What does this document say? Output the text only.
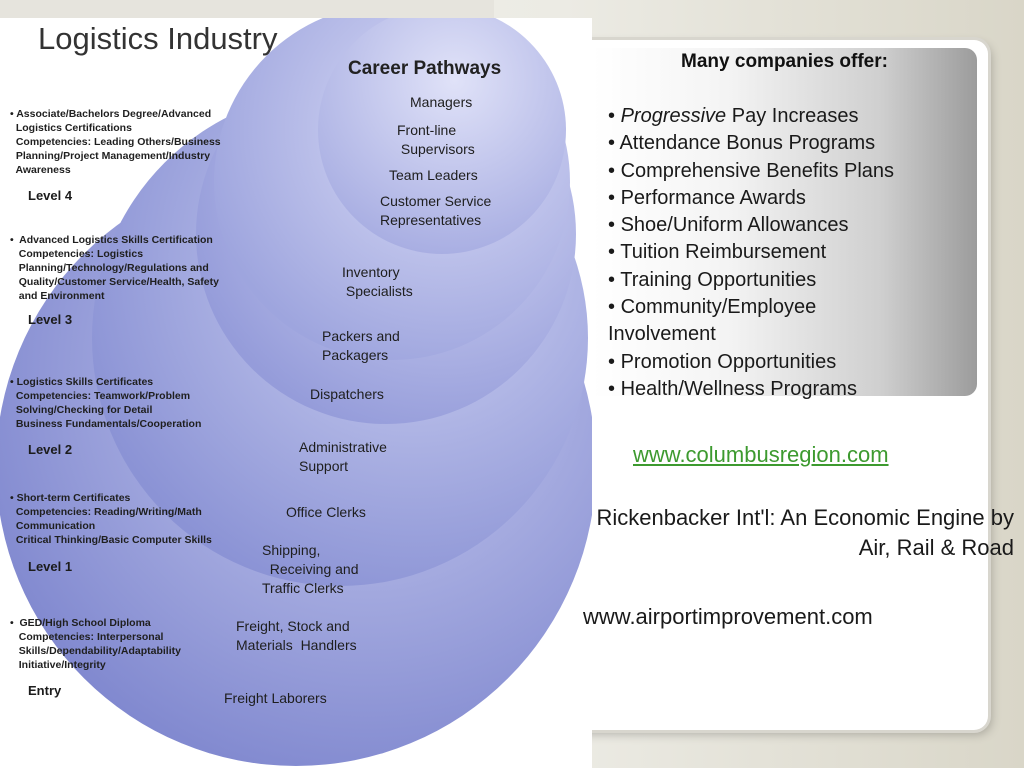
Logistics Industry
Career Pathways
Managers
Front-line
Supervisors
Team Leaders
Customer Service
Representatives
Inventory
Specialists
Packers and
Packagers
Dispatchers
Administrative
Support
Office Clerks
Shipping,
Receiving and
Traffic Clerks
Freight, Stock and
Materials  Handlers
Freight Laborers
• Associate/Bachelors Degree/Advanced
Logistics Certifications
Competencies: Leading Others/Business
Planning/Project Management/Industry
Awareness
Level 4
•  Advanced Logistics Skills Certification
Competencies: Logistics
Planning/Technology/Regulations and
Quality/Customer Service/Health, Safety
and Environment
Level 3
• Logistics Skills Certificates
Competencies: Teamwork/Problem
Solving/Checking for Detail
Business Fundamentals/Cooperation
Level 2
• Short-term Certificates
Competencies: Reading/Writing/Math
Communication
Critical Thinking/Basic Computer Skills
Level 1
•  GED/High School Diploma
Competencies: Interpersonal
Skills/Dependability/Adaptability
Initiative/Integrity
Entry
Many companies offer:
• Progressive Pay Increases
• Attendance Bonus Programs
• Comprehensive Benefits Plans
• Performance Awards
• Shoe/Uniform Allowances
• Tuition Reimbursement
• Training Opportunities
• Community/Employee Involvement
• Promotion Opportunities
• Health/Wellness Programs
www.columbusregion.com
Rickenbacker Int'l: An Economic Engine by Air, Rail & Road
www.airportimprovement.com
